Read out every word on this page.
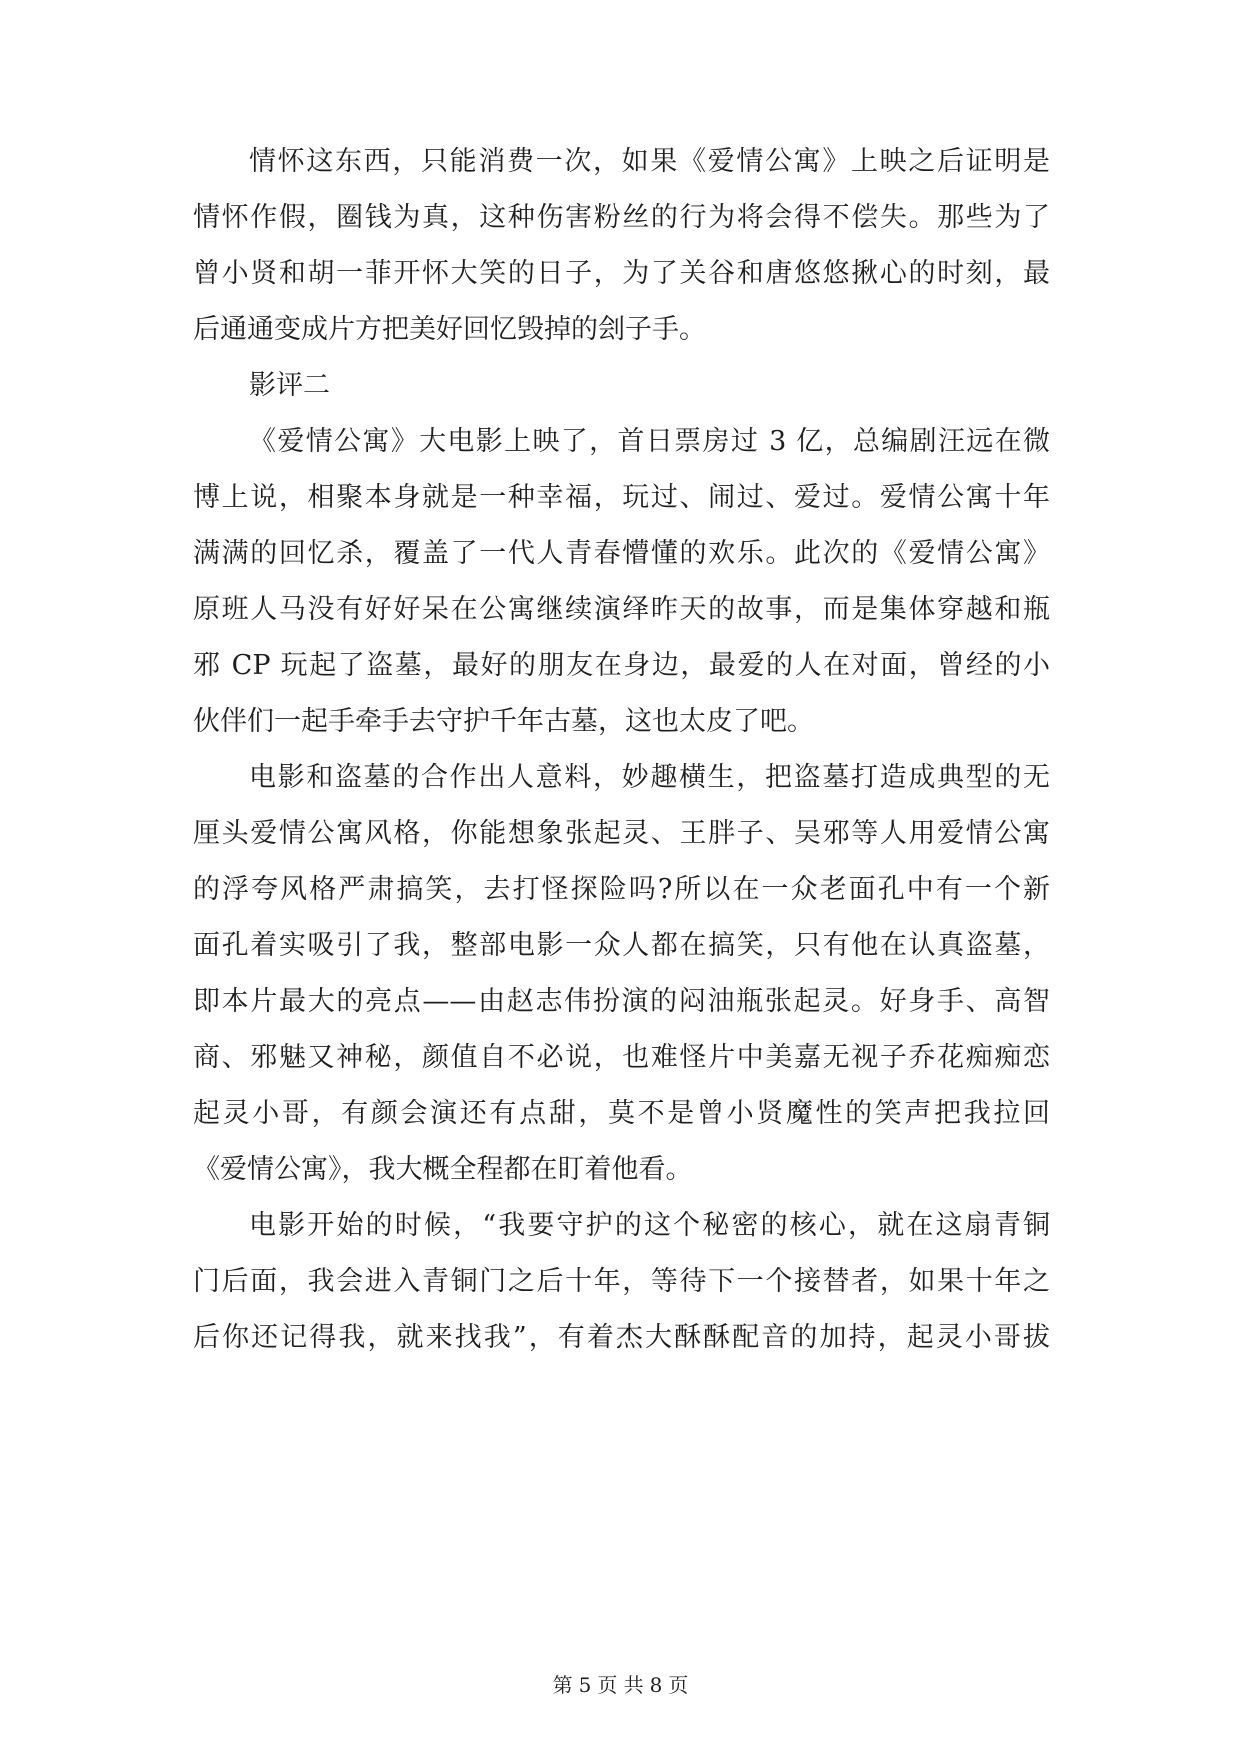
情怀这东西，只能消费一次，如果《爱情公寓》上映之后证明是
情怀作假，圈钱为真，这种伤害粉丝的行为将会得不偿失。那些为了
曾小贤和胡一菲开怀大笑的日子，为了关谷和唐悠悠揪心的时刻，最
后通通变成片方把美好回忆毁掉的刽子手。
影评二
《爱情公寓》大电影上映了，首日票房过 3 亿，总编剧汪远在微
博上说，相聚本身就是一种幸福，玩过、闹过、爱过。爱情公寓十年
满满的回忆杀，覆盖了一代人青春懵懂的欢乐。此次的《爱情公寓》
原班人马没有好好呆在公寓继续演绎昨天的故事，而是集体穿越和瓶
邪 CP 玩起了盗墓，最好的朋友在身边，最爱的人在对面，曾经的小
伙伴们一起手牵手去守护千年古墓，这也太皮了吧。
电影和盗墓的合作出人意料，妙趣横生，把盗墓打造成典型的无
厘头爱情公寓风格，你能想象张起灵、王胖子、吴邪等人用爱情公寓
的浮夸风格严肃搞笑，去打怪探险吗?所以在一众老面孔中有一个新
面孔着实吸引了我，整部电影一众人都在搞笑，只有他在认真盗墓，
即本片最大的亮点——由赵志伟扮演的闷油瓶张起灵。好身手、高智
商、邪魅又神秘，颜值自不必说，也难怪片中美嘉无视子乔花痴痴恋
起灵小哥，有颜会演还有点甜，莫不是曾小贤魔性的笑声把我拉回
《爱情公寓》，我大概全程都在盯着他看。
电影开始的时候，“我要守护的这个秘密的核心，就在这扇青铜
门后面，我会进入青铜门之后十年，等待下一个接替者，如果十年之
后你还记得我，就来找我”，有着杰大酥酥配音的加持，起灵小哥拔
第 5 页 共 8 页
